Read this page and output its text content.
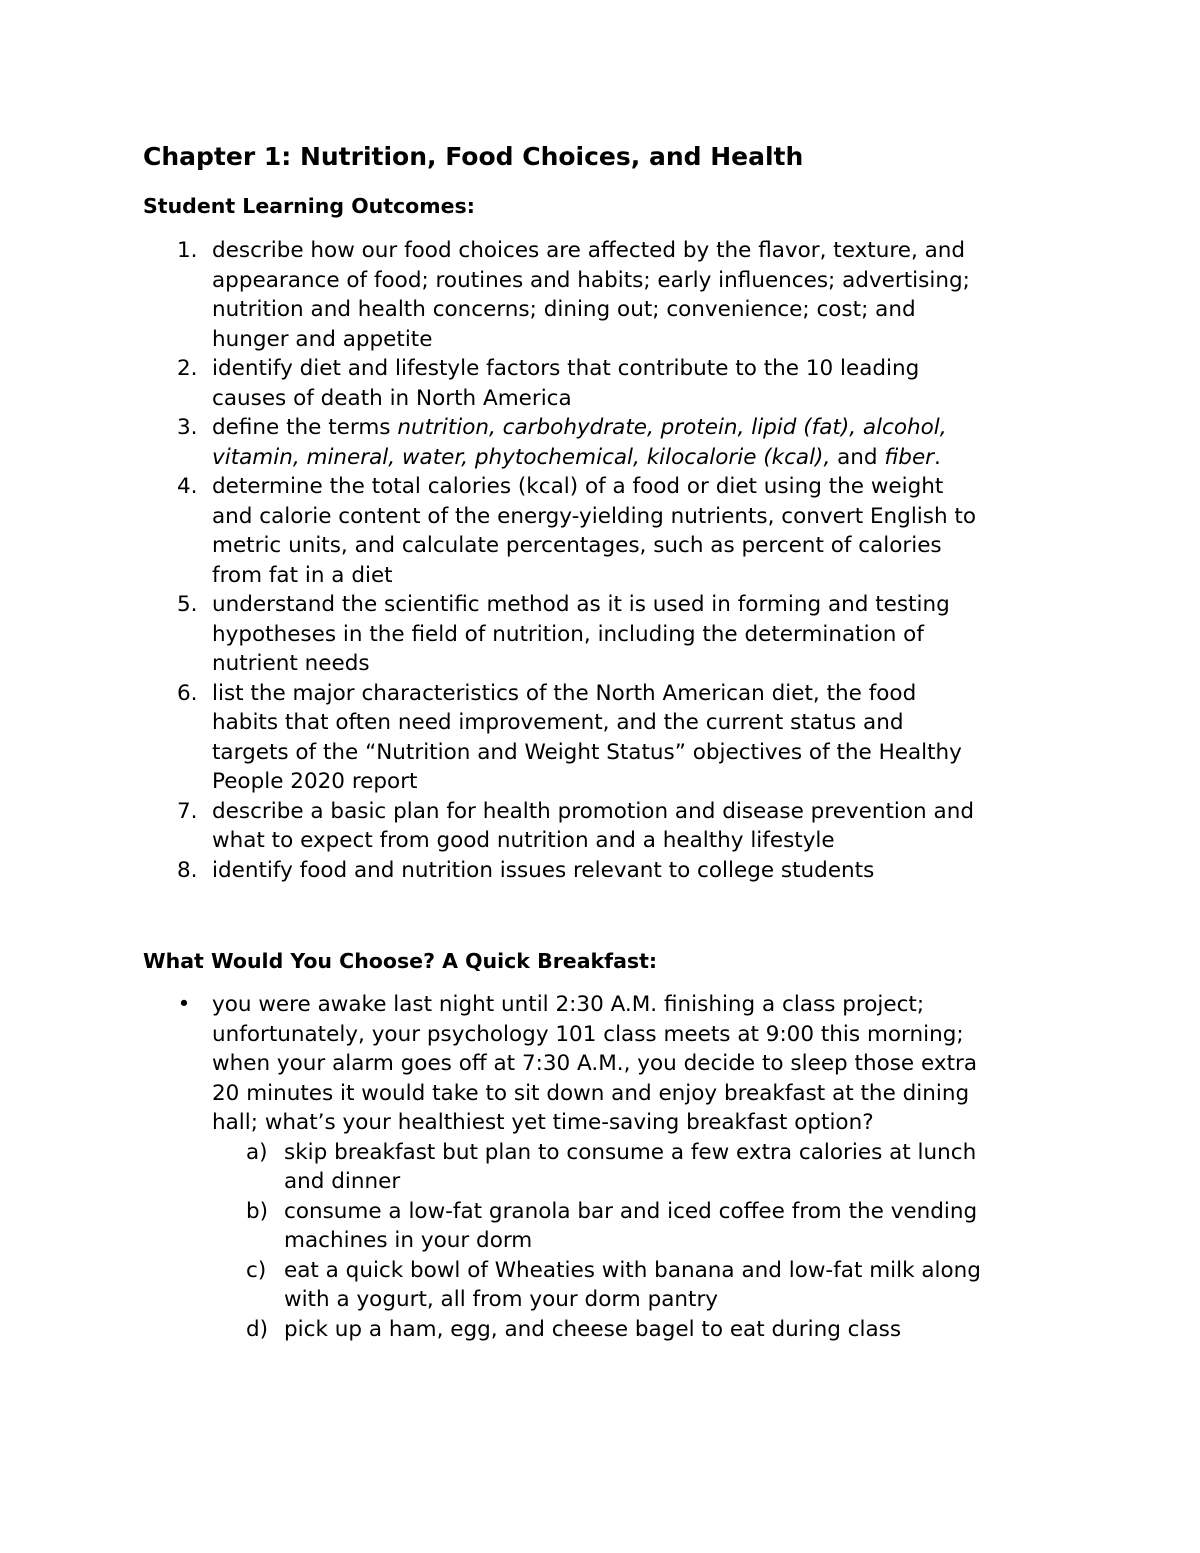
Chapter 1: Nutrition, Food Choices, and Health
Student Learning Outcomes:
1. describe how our food choices are affected by the flavor, texture, and
appearance of food; routines and habits; early influences; advertising;
nutrition and health concerns; dining out; convenience; cost; and
hunger and appetite
2. identify diet and lifestyle factors that contribute to the 10 leading
causes of death in North America
3. define the terms nutrition, carbohydrate, protein, lipid (fat), alcohol,
vitamin, mineral, water, phytochemical, kilocalorie (kcal), and fiber.
4. determine the total calories (kcal) of a food or diet using the weight
and calorie content of the energy-yielding nutrients, convert English to
metric units, and calculate percentages, such as percent of calories
from fat in a diet
5. understand the scientific method as it is used in forming and testing
hypotheses in the field of nutrition, including the determination of
nutrient needs
6. list the major characteristics of the North American diet, the food
habits that often need improvement, and the current status and
targets of the “Nutrition and Weight Status” objectives of the Healthy
People 2020 report
7. describe a basic plan for health promotion and disease prevention and
what to expect from good nutrition and a healthy lifestyle
8. identify food and nutrition issues relevant to college students
What Would You Choose? A Quick Breakfast:
• you were awake last night until 2:30 A.M. finishing a class project;
unfortunately, your psychology 101 class meets at 9:00 this morning;
when your alarm goes off at 7:30 A.M., you decide to sleep those extra
20 minutes it would take to sit down and enjoy breakfast at the dining
hall; what’s your healthiest yet time-saving breakfast option?
a) skip breakfast but plan to consume a few extra calories at lunch
and dinner
b) consume a low-fat granola bar and iced coffee from the vending
machines in your dorm
c) eat a quick bowl of Wheaties with banana and low-fat milk along
with a yogurt, all from your dorm pantry
d) pick up a ham, egg, and cheese bagel to eat during class
